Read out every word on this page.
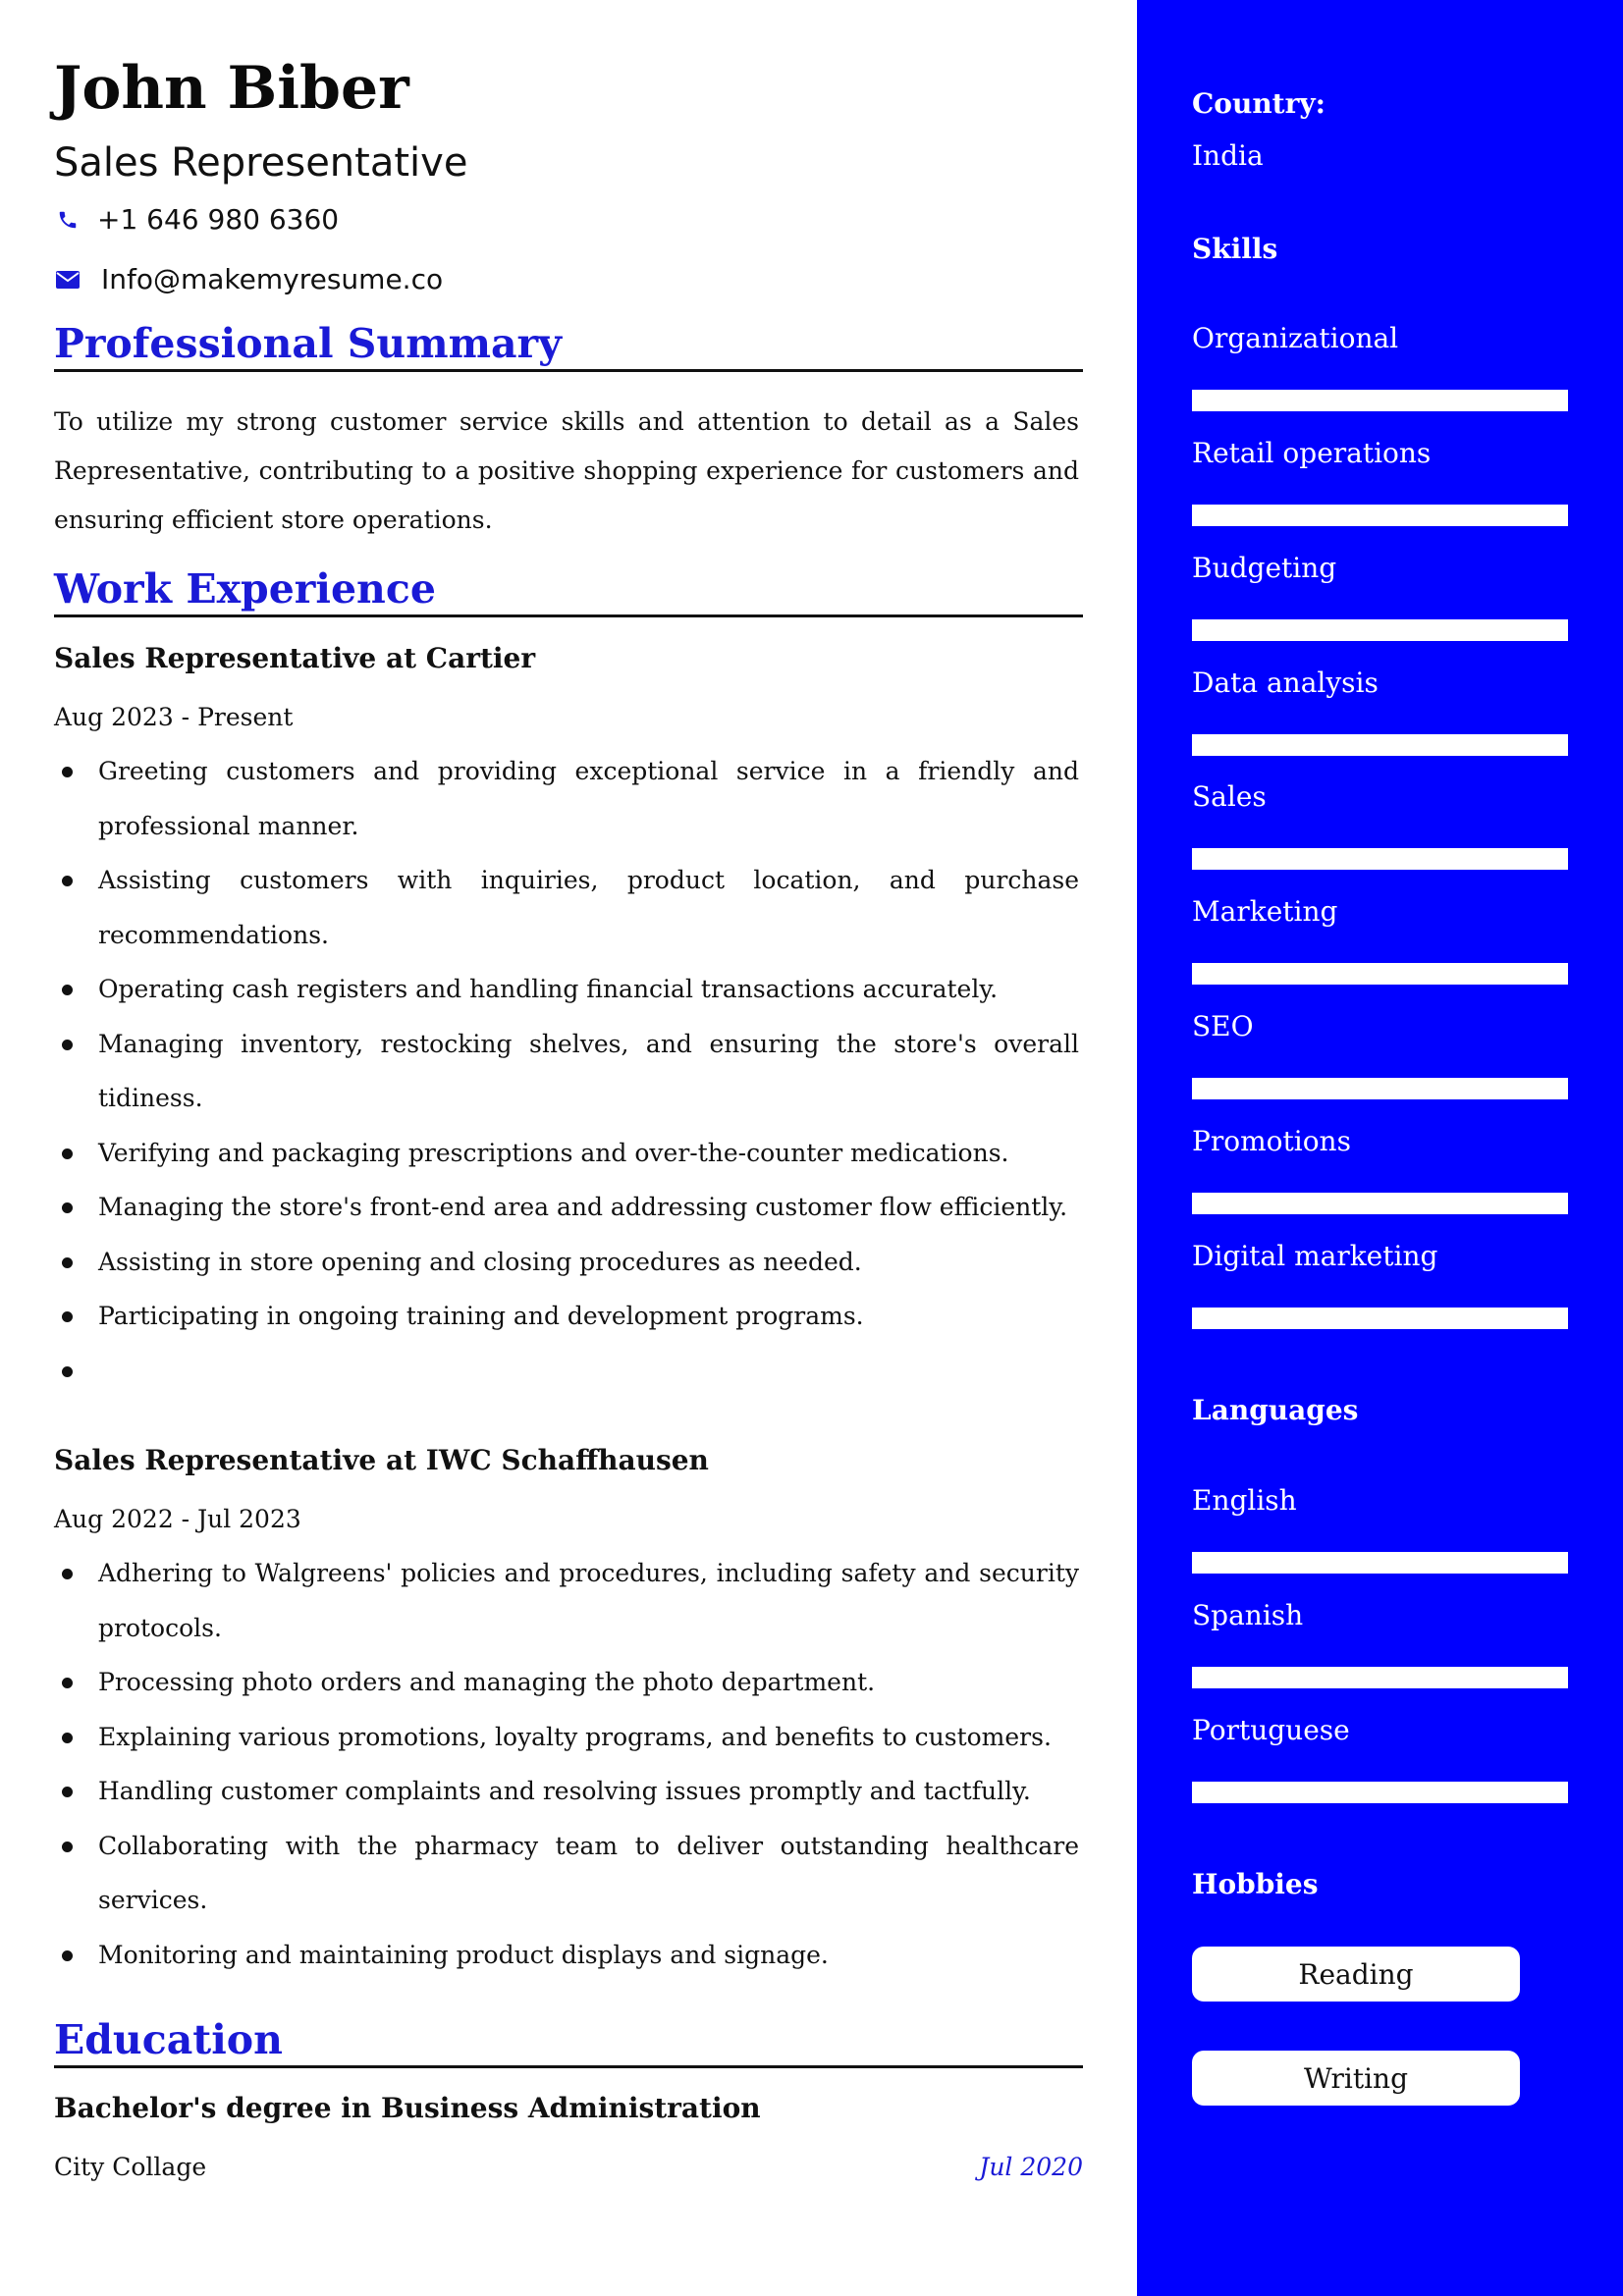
John Biber
Sales Representative
+1 646 980 6360
Info@makemyresume.co
Professional Summary

To utilize my strong customer service skills and attention to detail as a Sales Representative, contributing to a positive shopping experience for customers and ensuring efficient store operations.

Work Experience
Sales Representative at Cartier
Aug 2023 - Present
Greeting customers and providing exceptional service in a friendly and professional manner.
Assisting customers with inquiries, product location, and purchase recommendations.
Operating cash registers and handling financial transactions accurately.
Managing inventory, restocking shelves, and ensuring the store's overall tidiness.
Verifying and packaging prescriptions and over-the-counter medications.
Managing the store's front-end area and addressing customer flow efficiently.
Assisting in store opening and closing procedures as needed.
Participating in ongoing training and development programs.
Sales Representative at IWC Schaffhausen
Aug 2022 - Jul 2023
Adhering to Walgreens' policies and procedures, including safety and security protocols.
Processing photo orders and managing the photo department.
Explaining various promotions, loyalty programs, and benefits to customers.
Handling customer complaints and resolving issues promptly and tactfully.
Collaborating with the pharmacy team to deliver outstanding healthcare services.
Monitoring and maintaining product displays and signage.
Education
Bachelor's degree in Business Administration
City Collage	Jul 2020
Country:
India
Skills
Organizational
Retail operations
Budgeting
Data analysis
Sales
Marketing
SEO
Promotions
Digital marketing
Languages
English
Spanish
Portuguese
Hobbies
Reading
Writing
